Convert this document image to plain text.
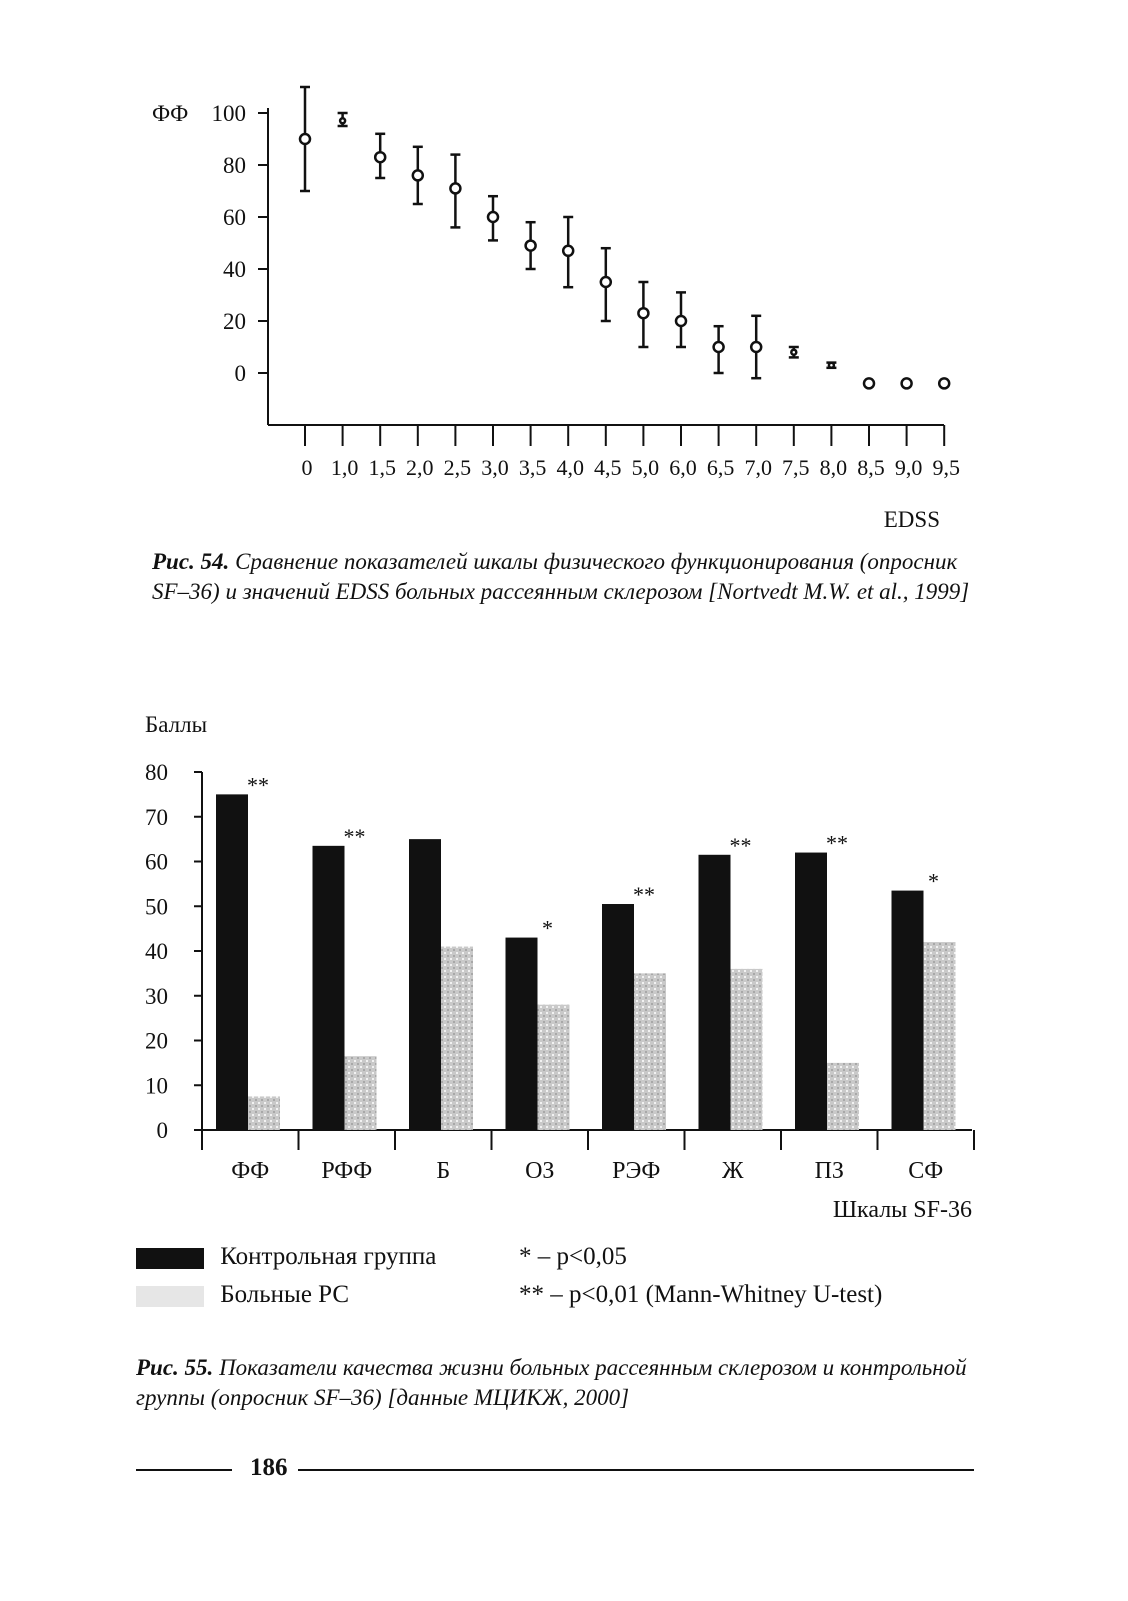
100
80
60
40
20
0
ФФ
0 1,0 1,5 2,0 2,5 3,0 3,5 4,0 4,5 5,0 6,0 6,5 7,0 7,5 8,0 8,5 9,0 9,5
EDSS

Рис. 54. Сравнение показателей шкалы физического функционирования (опросник SF–36) и значений EDSS больных рассеянным склерозом [Nortvedt M.W. et al., 1999]

Баллы
80
70
60
50
40
30
20
10
0
**
ФФ
**
РФФ	Б
*
ОЗ
**
РЭФ
**
Ж
**
ПЗ
*
СФ
Шкалы SF-36
Контрольная группа
Больные РС
* – p<0,05
** – p<0,01 (Mann-Whitney U-test)

Рис. 55. Показатели качества жизни больных рассеянным склерозом и контрольной группы (опросник SF–36) [данные МЦИКЖ, 2000]

186
